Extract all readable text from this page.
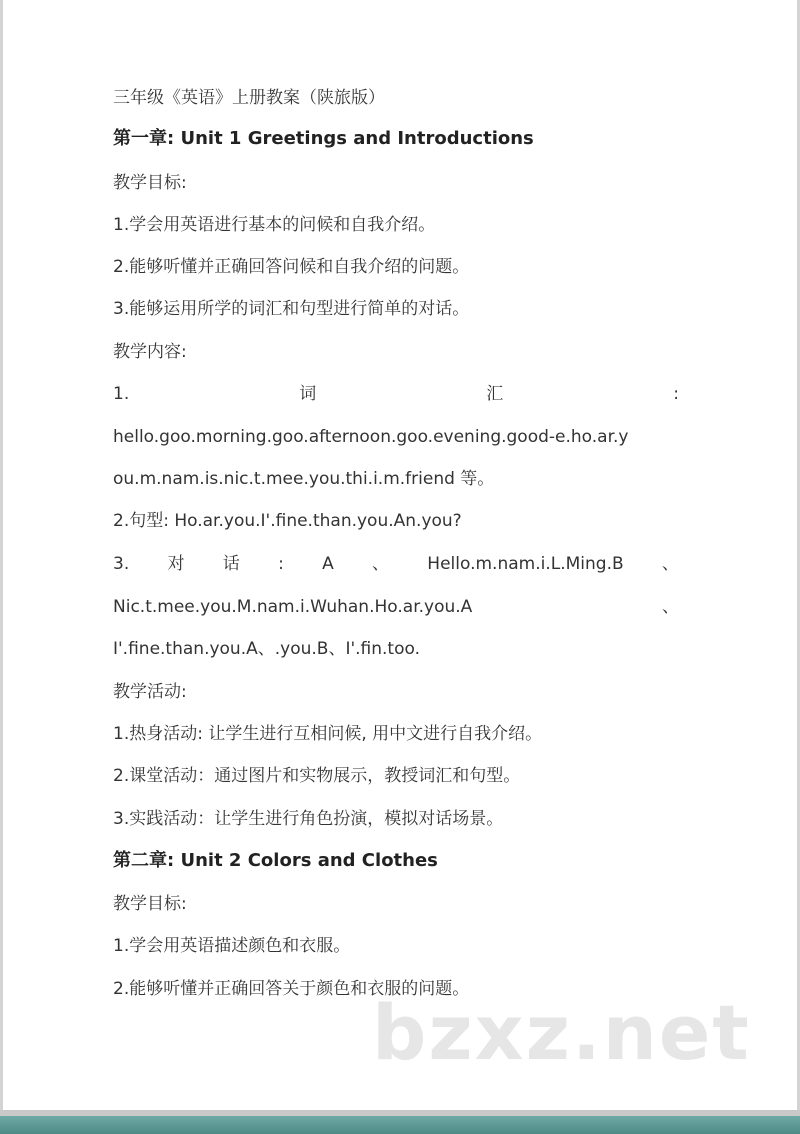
三年级《英语》上册教案（陕旅版）
第一章: Unit 1 Greetings and Introductions
教学目标:
1.学会用英语进行基本的问候和自我介绍。
2.能够听懂并正确回答问候和自我介绍的问题。
3.能够运用所学的词汇和句型进行简单的对话。
教学内容:
1.	词	汇	:
hello.goo.morning.goo.afternoon.goo.evening.good-e.ho.ar.y
ou.m.nam.is.nic.t.mee.you.thi.i.m.friend 等。
2.句型: Ho.ar.you.I'.fine.than.you.An.you?
3. 对 话 : A 、 Hello.m.nam.i.L.Ming.B 、
Nic.t.mee.you.M.nam.i.Wuhan.Ho.ar.you.A	、
I'.fine.than.you.A、.you.B、I'.fin.too.
教学活动:
1.热身活动: 让学生进行互相问候, 用中文进行自我介绍。
2.课堂活动：通过图片和实物展示，教授词汇和句型。
3.实践活动：让学生进行角色扮演，模拟对话场景。
第二章: Unit 2 Colors and Clothes
教学目标:
1.学会用英语描述颜色和衣服。
2.能够听懂并正确回答关于颜色和衣服的问题。
bzxz.net
